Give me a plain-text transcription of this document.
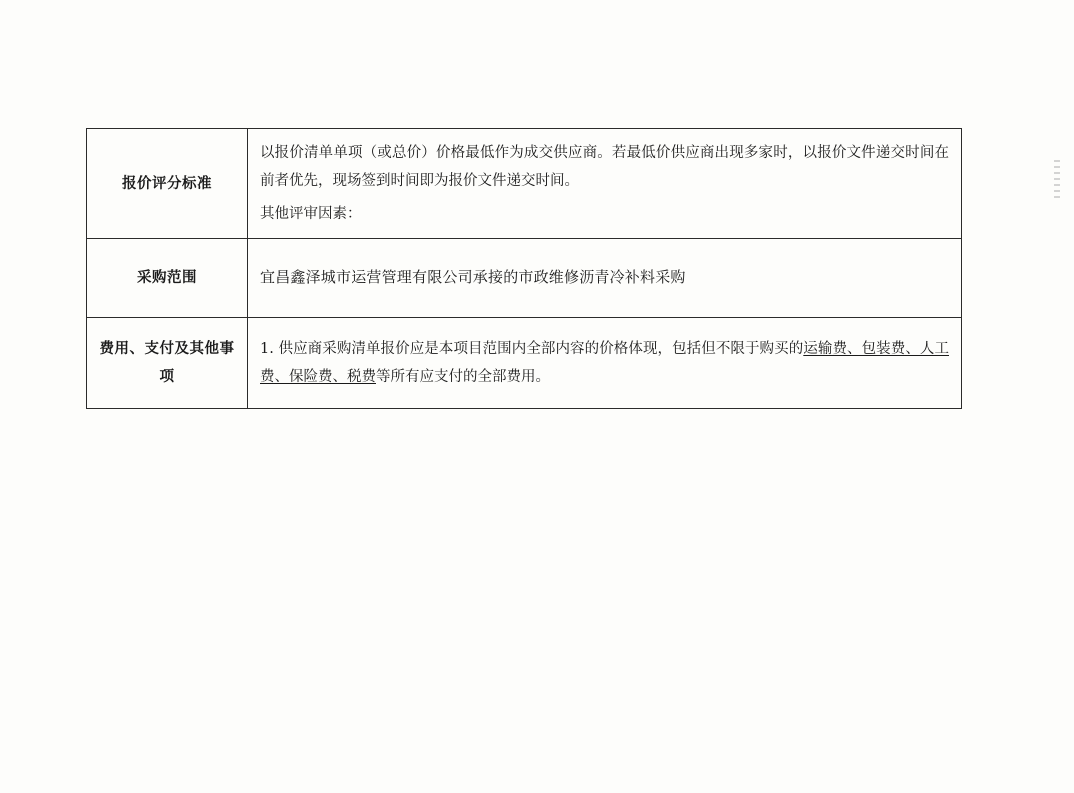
报价评分标准	以报价清单单项（或总价）价格最低作为成交供应商。若最低价供应商出现多家时，以报价文件递交时间在前者优先，现场签到时间即为报价文件递交时间。

其他评审因素：

采购范围	宜昌鑫泽城市运营管理有限公司承接的市政维修沥青冷补料采购
费用、支付及其他事项	1. 供应商采购清单报价应是本项目范围内全部内容的价格体现，包括但不限于购买的运输费、包装费、人工费、保险费、税费等所有应支付的全部费用。
